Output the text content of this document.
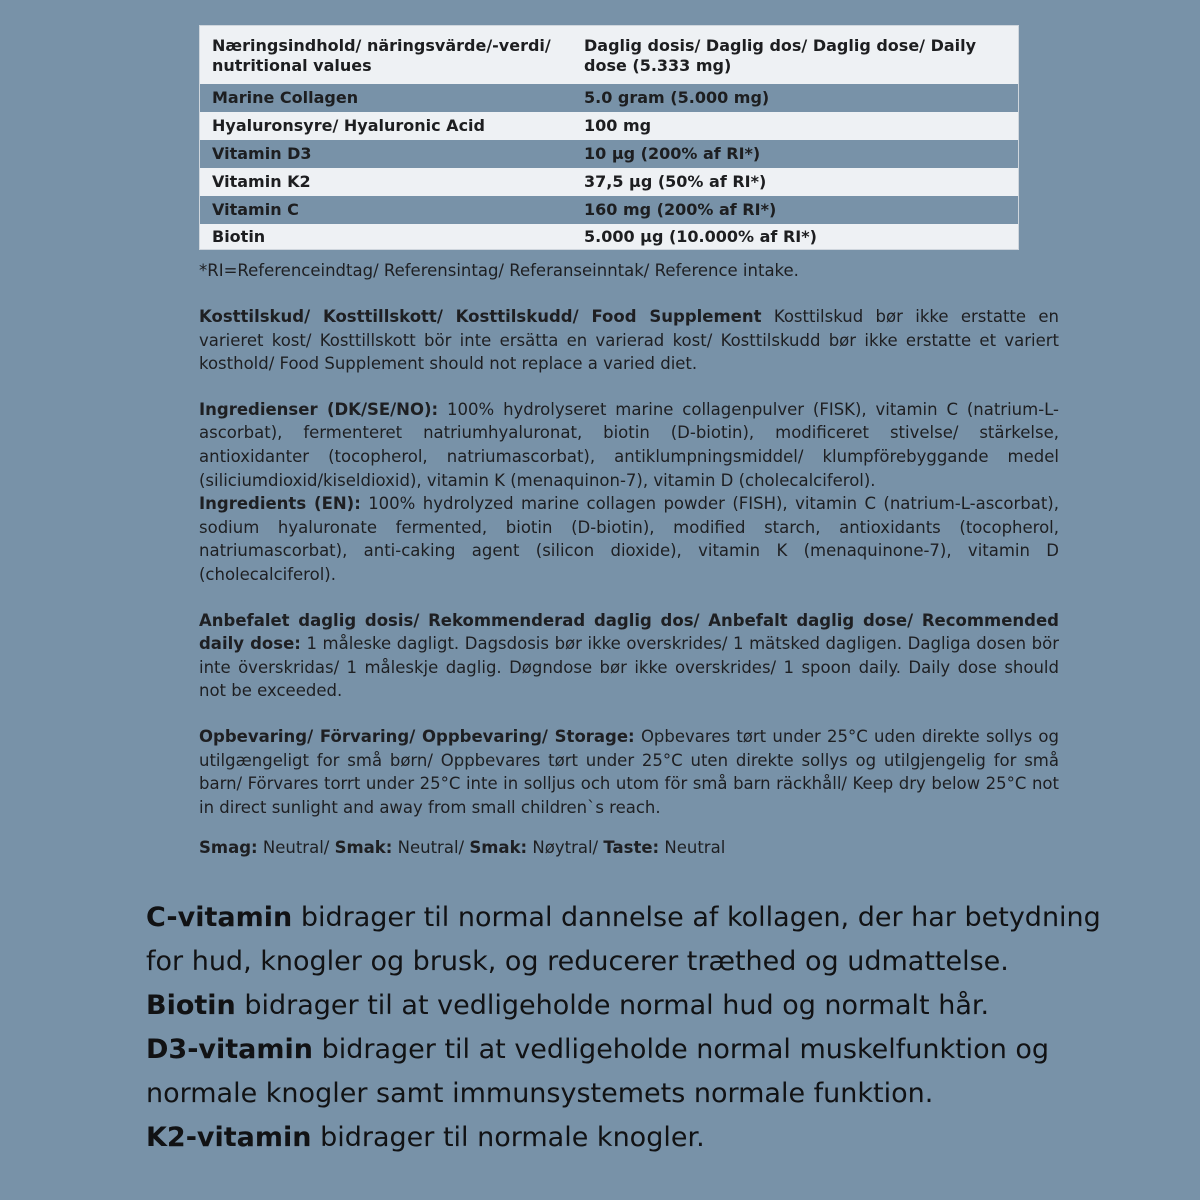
Næringsindhold/ näringsvärde/-verdi/ nutritional values	Daglig dosis/ Daglig dos/ Daglig dose/ Daily dose (5.333 mg)
Marine Collagen	5.0 gram (5.000 mg)
Hyaluronsyre/ Hyaluronic Acid	100 mg
Vitamin D3	10 µg (200% af RI*)
Vitamin K2	37,5 µg (50% af RI*)
Vitamin C	160 mg (200% af RI*)
Biotin	5.000 µg (10.000% af RI*)
*RI=Referenceindtag/ Referensintag/ Referanseinntak/ Reference intake.
Kosttilskud/ Kosttillskott/ Kosttilskudd/ Food Supplement Kosttilskud bør ikke erstatte en varieret kost/ Kosttillskott bör inte ersätta en varierad kost/ Kosttilskudd bør ikke erstatte et variert kosthold/ Food Supplement should not replace a varied diet.
Ingredienser (DK/SE/NO): 100% hydrolyseret marine collagenpulver (FISK), vitamin C (natrium-L-ascorbat), fermenteret natriumhyaluronat, biotin (D-biotin), modificeret stivelse/ stärkelse, antioxidanter (tocopherol, natriumascorbat), antiklumpningsmiddel/ klumpförebyggande medel (siliciumdioxid/kiseldioxid), vitamin K (menaquinon-7), vitamin D (cholecalciferol).
Ingredients (EN): 100% hydrolyzed marine collagen powder (FISH), vitamin C (natrium-L-ascorbat), sodium hyaluronate fermented, biotin (D-biotin), modified starch, antioxidants (tocopherol, natriumascorbat), anti-caking agent (silicon dioxide), vitamin K (menaquinone-7), vitamin D (cholecalciferol).
Anbefalet daglig dosis/ Rekommenderad daglig dos/ Anbefalt daglig dose/ Recommended daily dose: 1 måleske dagligt. Dagsdosis bør ikke overskrides/ 1 mätsked dagligen. Dagliga dosen bör inte överskridas/ 1 måleskje daglig. Døgndose bør ikke overskrides/ 1 spoon daily. Daily dose should not be exceeded.
Opbevaring/ Förvaring/ Oppbevaring/ Storage: Opbevares tørt under 25°C uden direkte sollys og utilgængeligt for små børn/ Oppbevares tørt under 25°C uten direkte sollys og utilgjengelig for små barn/ Förvares torrt under 25°C inte in solljus och utom för små barn räckhåll/ Keep dry below 25°C not in direct sunlight and away from small children`s reach.
Smag: Neutral/ Smak: Neutral/ Smak: Nøytral/ Taste: Neutral

C-vitamin bidrager til normal dannelse af kollagen, der har betydning for hud, knogler og brusk, og reducerer træthed og udmattelse.

Biotin bidrager til at vedligeholde normal hud og normalt hår.

D3-vitamin bidrager til at vedligeholde normal muskelfunktion og normale knogler samt immunsystemets normale funktion.

K2-vitamin bidrager til normale knogler.
